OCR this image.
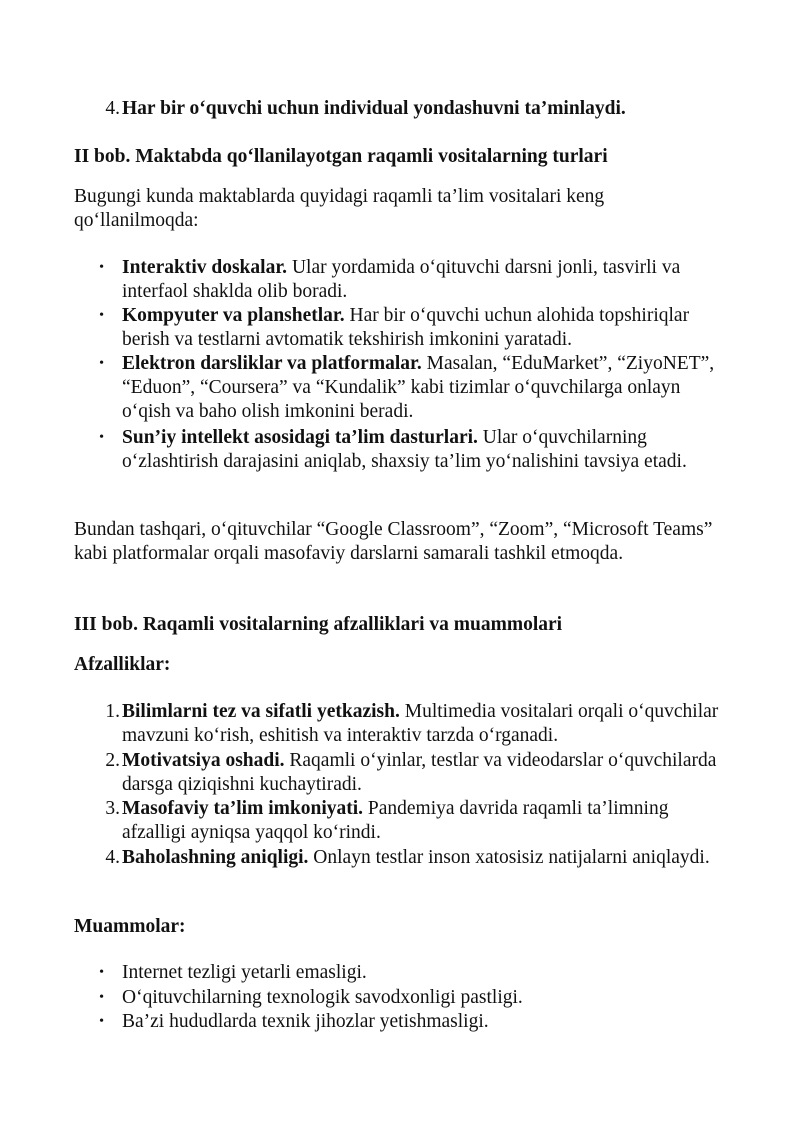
4. Har bir o‘quvchi uchun individual yondashuvni ta’minlaydi.

II bob. Maktabda qo‘llanilayotgan raqamli vositalarning turlari

Bugungi kunda maktablarda quyidagi raqamli ta’lim vositalari keng qo‘llanilmoqda:

• Interaktiv doskalar. Ular yordamida o‘qituvchi darsni jonli, tasvirli va interfaol shaklda olib boradi.
• Kompyuter va planshetlar. Har bir o‘quvchi uchun alohida topshiriqlar berish va testlarni avtomatik tekshirish imkonini yaratadi.
• Elektron darsliklar va platformalar. Masalan, “EduMarket”, “ZiyoNET”, “Eduon”, “Coursera” va “Kundalik” kabi tizimlar o‘quvchilarga onlayn o‘qish va baho olish imkonini beradi.
• Sun’iy intellekt asosidagi ta’lim dasturlari. Ular o‘quvchilarning o‘zlashtirish darajasini aniqlab, shaxsiy ta’lim yo‘nalishini tavsiya etadi.

Bundan tashqari, o‘qituvchilar “Google Classroom”, “Zoom”, “Microsoft Teams” kabi platformalar orqali masofaviy darslarni samarali tashkil etmoqda.

III bob. Raqamli vositalarning afzalliklari va muammolari

Afzalliklar:

1. Bilimlarni tez va sifatli yetkazish. Multimedia vositalari orqali o‘quvchilar mavzuni ko‘rish, eshitish va interaktiv tarzda o‘rganadi.
2. Motivatsiya oshadi. Raqamli o‘yinlar, testlar va videodarslar o‘quvchilarda darsga qiziqishni kuchaytiradi.
3. Masofaviy ta’lim imkoniyati. Pandemiya davrida raqamli ta’limning afzalligi ayniqsa yaqqol ko‘rindi.
4. Baholashning aniqligi. Onlayn testlar inson xatosisiz natijalarni aniqlaydi.

Muammolar:

• Internet tezligi yetarli emasligi.
• O‘qituvchilarning texnologik savodxonligi pastligi.
• Ba’zi hududlarda texnik jihozlar yetishmasligi.
